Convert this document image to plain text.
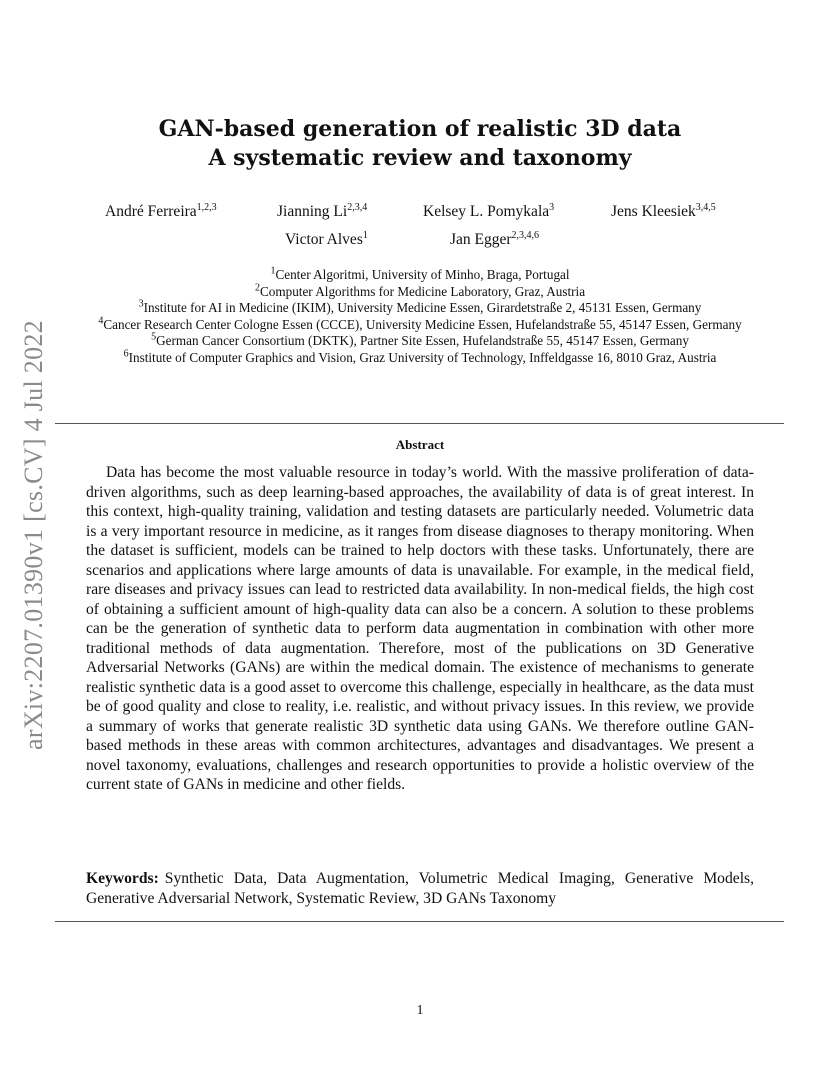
arXiv:2207.01390v1 [cs.CV] 4 Jul 2022
GAN-based generation of realistic 3D data
A systematic review and taxonomy
André Ferreira$^{1,2,3}$	Jianning Li$^{2,3,4}$	Kelsey L. Pomykala$^3$	Jens Kleesiek$^{3,4,5}$
Victor Alves$^1$	Jan Egger$^{2,3,4,6}$
$^1$Center Algoritmi, University of Minho, Braga, Portugal
$^2$Computer Algorithms for Medicine Laboratory, Graz, Austria
$^3$Institute for AI in Medicine (IKIM), University Medicine Essen, Girardetstraße 2, 45131 Essen, Germany
$^4$Cancer Research Center Cologne Essen (CCCE), University Medicine Essen, Hufelandstraße 55, 45147 Essen, Germany
$^5$German Cancer Consortium (DKTK), Partner Site Essen, Hufelandstraße 55, 45147 Essen, Germany
$^6$Institute of Computer Graphics and Vision, Graz University of Technology, Inffeldgasse 16, 8010 Graz, Austria
Abstract
Data has become the most valuable resource in today’s world. With the massive proliferation of data-driven algorithms, such as deep learning-based approaches, the availability of data is of great interest. In this context, high-quality training, validation and testing datasets are particularly needed. Volumetric data is a very important resource in medicine, as it ranges from disease diagnoses to therapy monitoring. When the dataset is sufficient, models can be trained to help doctors with these tasks. Unfortunately, there are scenarios and applications where large amounts of data is unavailable. For example, in the medical field, rare diseases and privacy issues can lead to restricted data availability. In non-medical fields, the high cost of obtaining a sufficient amount of high-quality data can also be a concern. A solution to these problems can be the generation of synthetic data to perform data augmentation in combination with other more traditional methods of data augmentation. Therefore, most of the publications on 3D Generative Adversarial Networks (GANs) are within the medical domain. The existence of mechanisms to generate realistic synthetic data is a good asset to overcome this challenge, especially in healthcare, as the data must be of good quality and close to reality, i.e. realistic, and without privacy issues. In this review, we provide a summary of works that generate realistic 3D synthetic data using GANs. We therefore outline GAN-based methods in these areas with common architectures, advantages and disadvantages. We present a novel taxonomy, evaluations, challenges and research opportunities to provide a holistic overview of the current state of GANs in medicine and other fields.
Keywords: Synthetic Data, Data Augmentation, Volumetric Medical Imaging, Generative Models, Generative Adversarial Network, Systematic Review, 3D GANs Taxonomy
1
